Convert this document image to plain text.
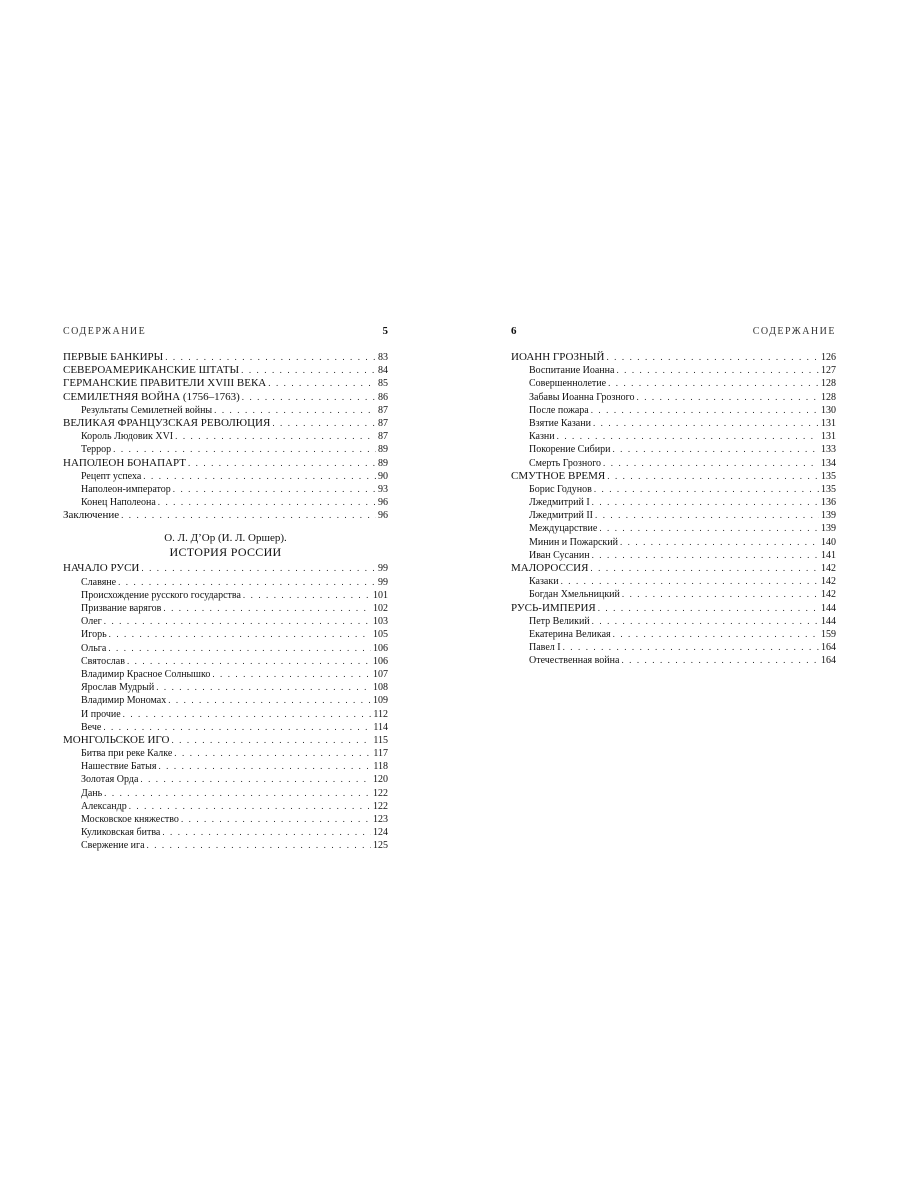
СОДЕРЖАНИЕ	5
ПЕРВЫЕ БАНКИРЫ . . .	83
СЕВЕРОАМЕРИКАНСКИЕ ШТАТЫ . . .	84
ГЕРМАНСКИЕ ПРАВИТЕЛИ XVIII ВЕКА . . .	85
СЕМИЛЕТНЯЯ ВОЙНА (1756–1763) . . .	86
Результаты Семилетней войны . . .	87
ВЕЛИКАЯ ФРАНЦУЗСКАЯ РЕВОЛЮЦИЯ . . .	87
Король Людовик XVI . . .	87
Террор . . .	89
НАПОЛЕОН БОНАПАРТ . . .	89
Рецепт успеха . . .	90
Наполеон-император . . .	93
Конец Наполеона . . .	96
Заключение . . .	96
О. Л. Д’Ор (И. Л. Оршер).
ИСТОРИЯ РОССИИ
НАЧАЛО РУСИ . . .	99
Славяне . . .	99
Происхождение русского государства . . .	101
Призвание варягов . . .	102
Олег . . .	103
Игорь . . .	105
Ольга . . .	106
Святослав . . .	106
Владимир Красное Солнышко . . .	107
Ярослав Мудрый . . .	108
Владимир Мономах . . .	109
И прочие . . .	112
Вече . . .	114
МОНГОЛЬСКОЕ ИГО . . .	115
Битва при реке Калке . . .	117
Нашествие Батыя . . .	118
Золотая Орда . . .	120
Дань . . .	122
Александр . . .	122
Московское княжество . . .	123
Куликовская битва . . .	124
Свержение ига . . .	125
6	СОДЕРЖАНИЕ
ИОАНН ГРОЗНЫЙ . . .	126
Воспитание Иоанна . . .	127
Совершеннолетие . . .	128
Забавы Иоанна Грозного . . .	128
После пожара . . .	130
Взятие Казани . . .	131
Казни . . .	131
Покорение Сибири . . .	133
Смерть Грозного . . .	134
СМУТНОЕ ВРЕМЯ . . .	135
Борис Годунов . . .	135
Лжедмитрий I . . .	136
Лжедмитрий II . . .	139
Междуцарствие . . .	139
Минин и Пожарский . . .	140
Иван Сусанин . . .	141
МАЛОРОССИЯ . . .	142
Казаки . . .	142
Богдан Хмельницкий . . .	142
РУСЬ-ИМПЕРИЯ . . .	144
Петр Великий . . .	144
Екатерина Великая . . .	159
Павел I . . .	164
Отечественная война . . .	164
